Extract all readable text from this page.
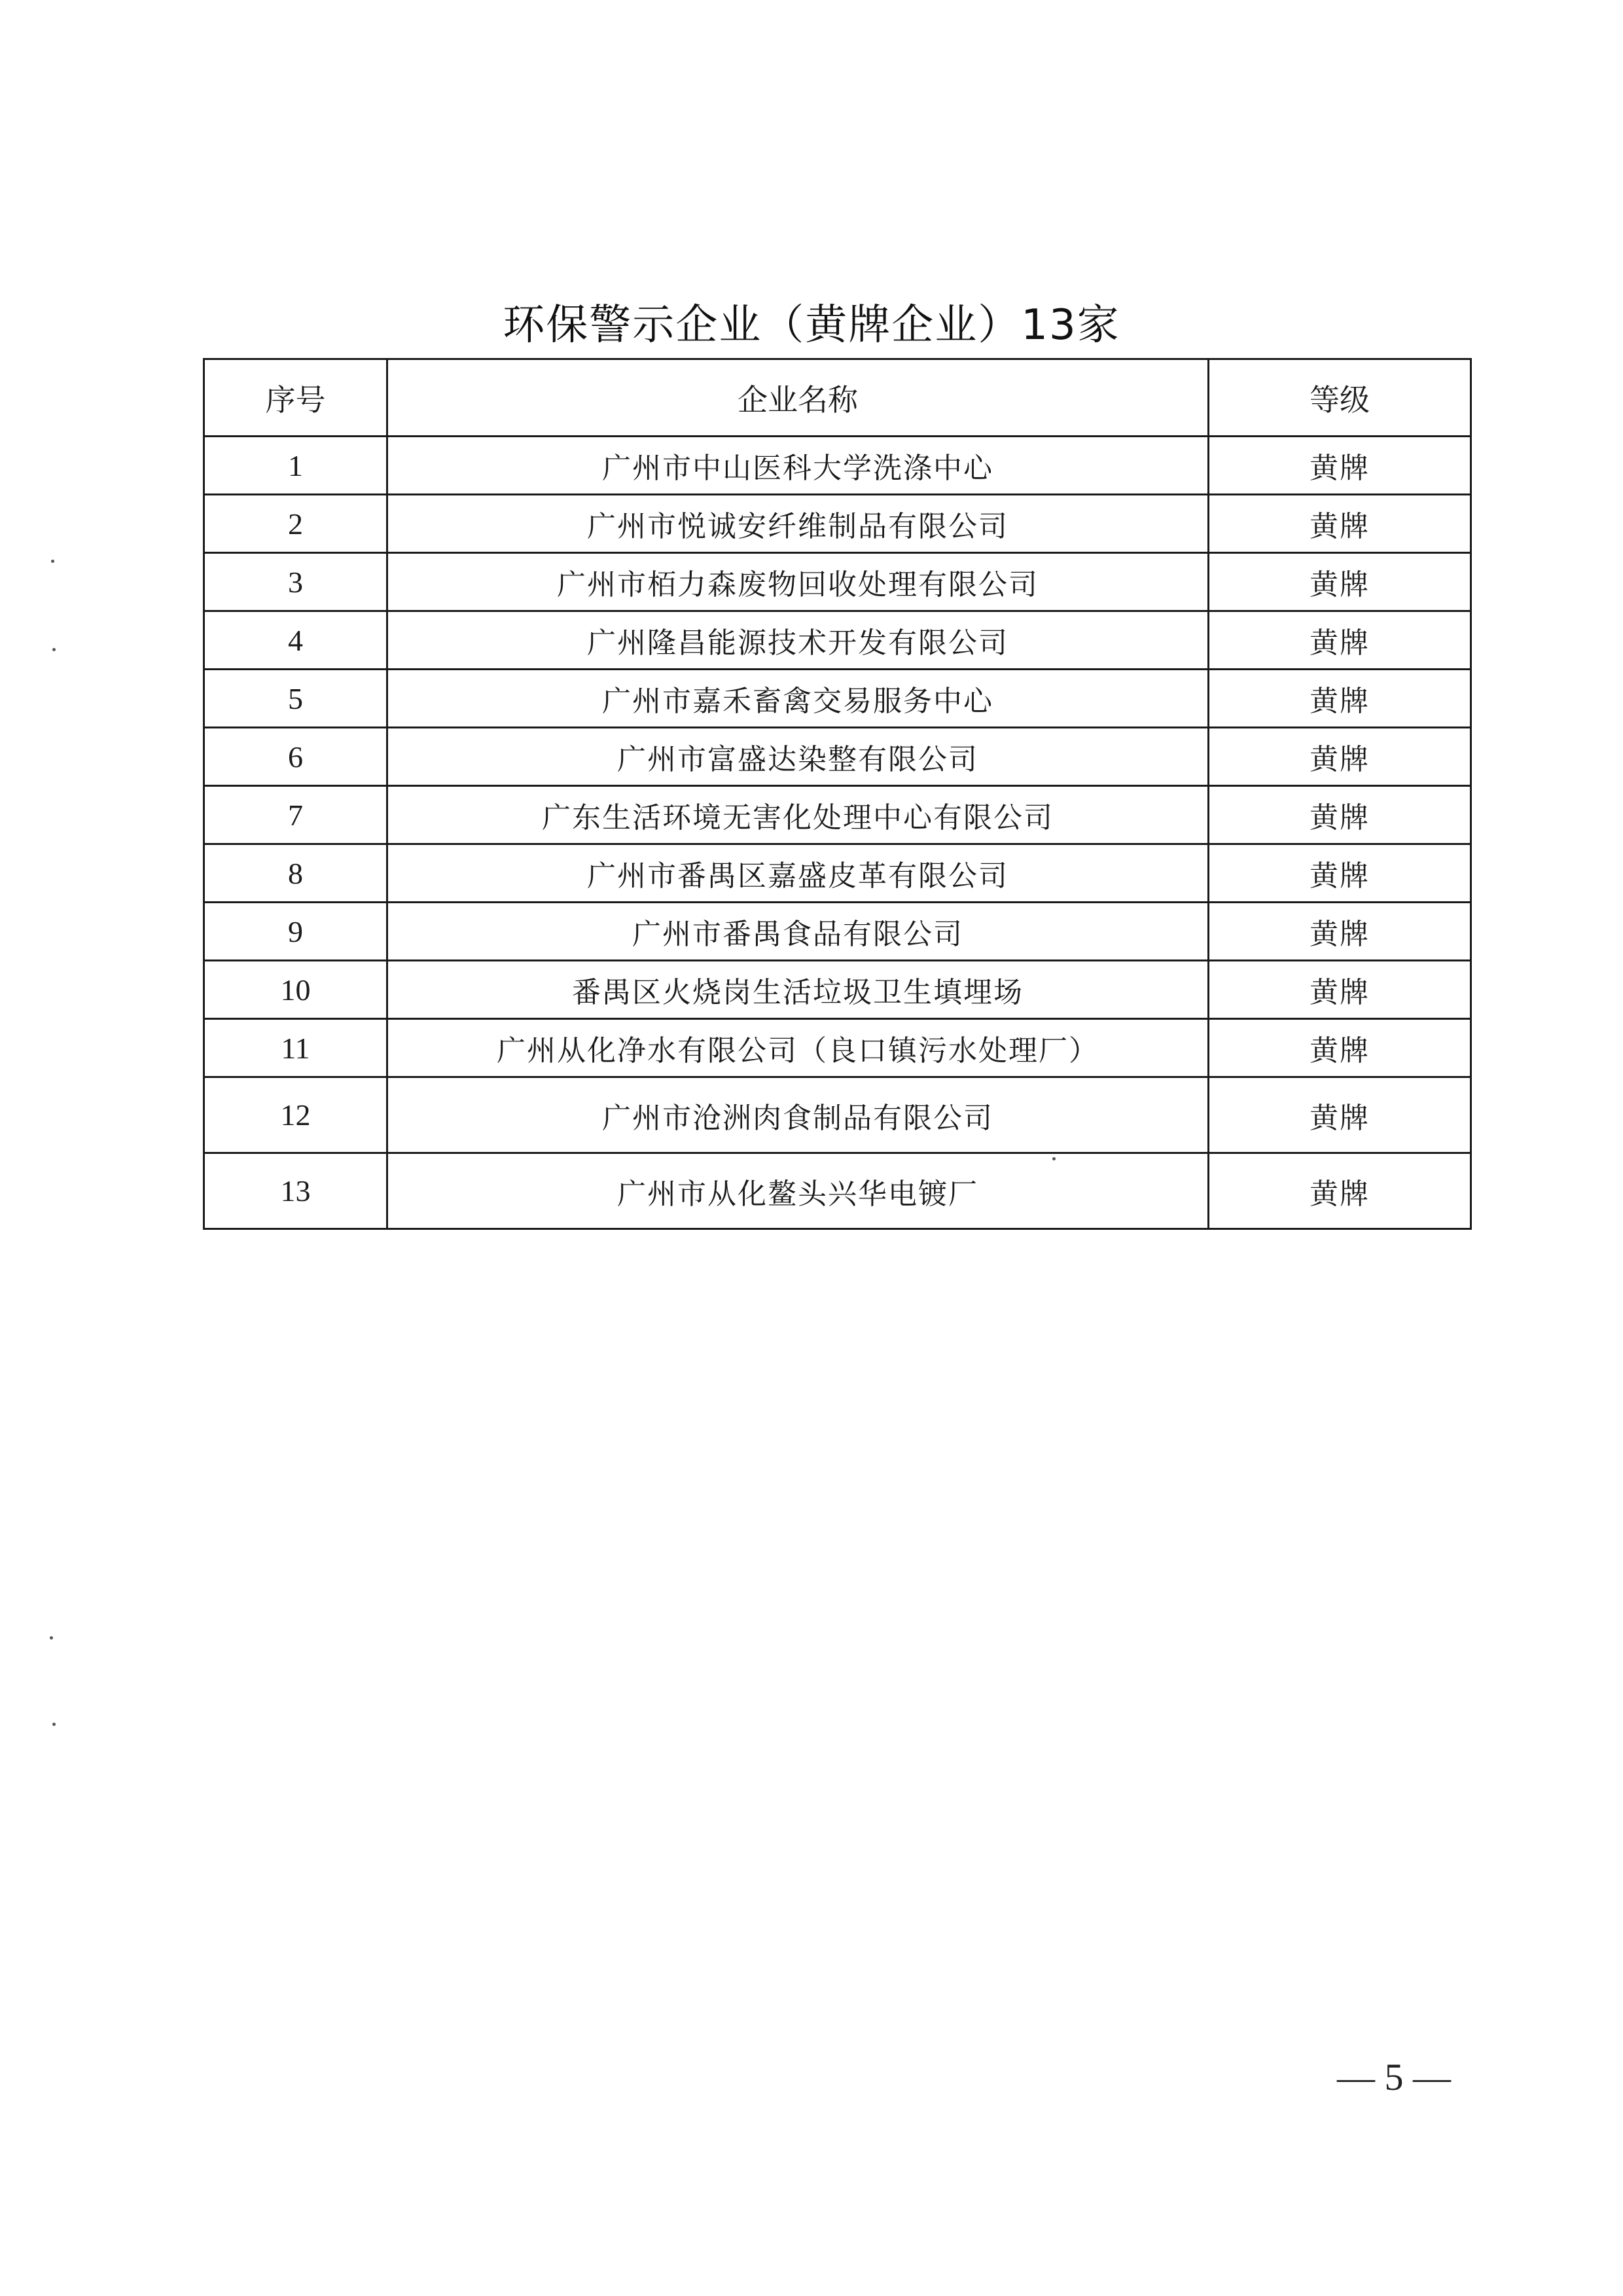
环保警示企业（黄牌企业）13家
序号	企业名称	等级
1	广州市中山医科大学洗涤中心	黄牌
2	广州市悦诚安纤维制品有限公司	黄牌
3	广州市栢力森废物回收处理有限公司	黄牌
4	广州隆昌能源技术开发有限公司	黄牌
5	广州市嘉禾畜禽交易服务中心	黄牌
6	广州市富盛达染整有限公司	黄牌
7	广东生活环境无害化处理中心有限公司	黄牌
8	广州市番禺区嘉盛皮革有限公司	黄牌
9	广州市番禺食品有限公司	黄牌
10	番禺区火烧岗生活垃圾卫生填埋场	黄牌
11	广州从化净水有限公司（良口镇污水处理厂）	黄牌
12	广州市沧洲肉食制品有限公司	黄牌
13	广州市从化鳌头兴华电镀厂	黄牌
— 5 —
